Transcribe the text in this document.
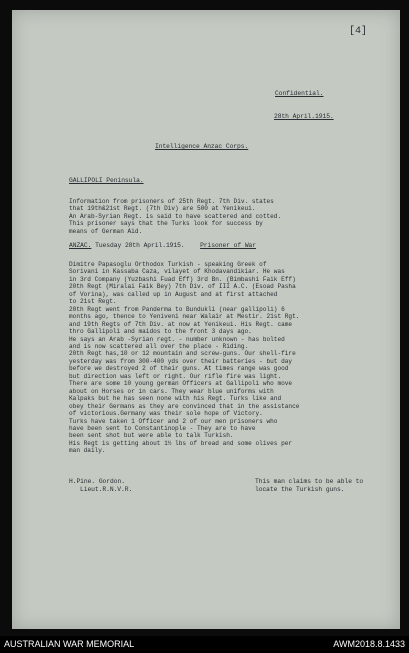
[4]
Confidential.
28th April.1915.
Intelligence Anzac Corps.
GALLIPOLI Peninsula.
Information from prisoners of 25th Regt. 7th Div. states
that 19th&21st Regt. (7th Div) are 500 at Yenikeui.
An Arab-Syrian Regt. is said to have scattered and cotted.
This prisoner says that the Turks look for success by
means of German Aid.
ANZAC. Tuesday 28th April.1915. Prisoner of War
Dimitre Papasoglu Orthodox Turkish - speaking Greek of
Sorivani in Kassaba Caza, vilayet of Khodavandikiar. He was
in 3rd Company (Yuzbashi Fuad Eff) 3rd Bn. (Bimbashi Faik Eff)
20th Regt (Miralai Faik Bey) 7th Div. of III A.C. (Esoad Pasha
of Vorina), was called up in August and at first attached
to 21st Regt.
20th Regt went from Panderma to Bundukli (near gallipoli) 6
months ago, thence to Yeniveni near Walair at Mestir. 21st Rgt.
and 19th Regts of 7th Div. at now at Yenikeui. His Regt. came
thro Gallipoli and maidos to the front 3 days ago.
He says an Arab -Syrian regt. - number unknown - has bolted
and is now scattered all over the place - Riding.
20th Regt has,10 or 12 mountain and screw-guns. Our shell-fire
yesterday was from 300-400 yds over their batteries - but day
before we destroyed 2 of their guns. At times range was good
but direction was left or right. Our rifle fire was light.
There are some 10 young german Officers at Gallipoli who move
about on Horses or in cars. They wear blue uniforms with
Kalpaks but he has seen none with his Regt. Turks like and
obey their Germans as they are convinced that in the assistance
of victorious.Germany was their sole hope of Victory.
Turks have taken 1 Officer and 2 of our men prisoners who
have been sent to Constantinople - They are to have
been sent shot but were able to talk Turkish.
His Regt is getting about 1½ lbs of bread and some olives per
man daily.
H.Pine. Gordon.
Lieut.R.N.V.R.
This man claims to be able to
locate the Turkish guns.
AUSTRALIAN WAR MEMORIAL	AWM2018.8.1433
